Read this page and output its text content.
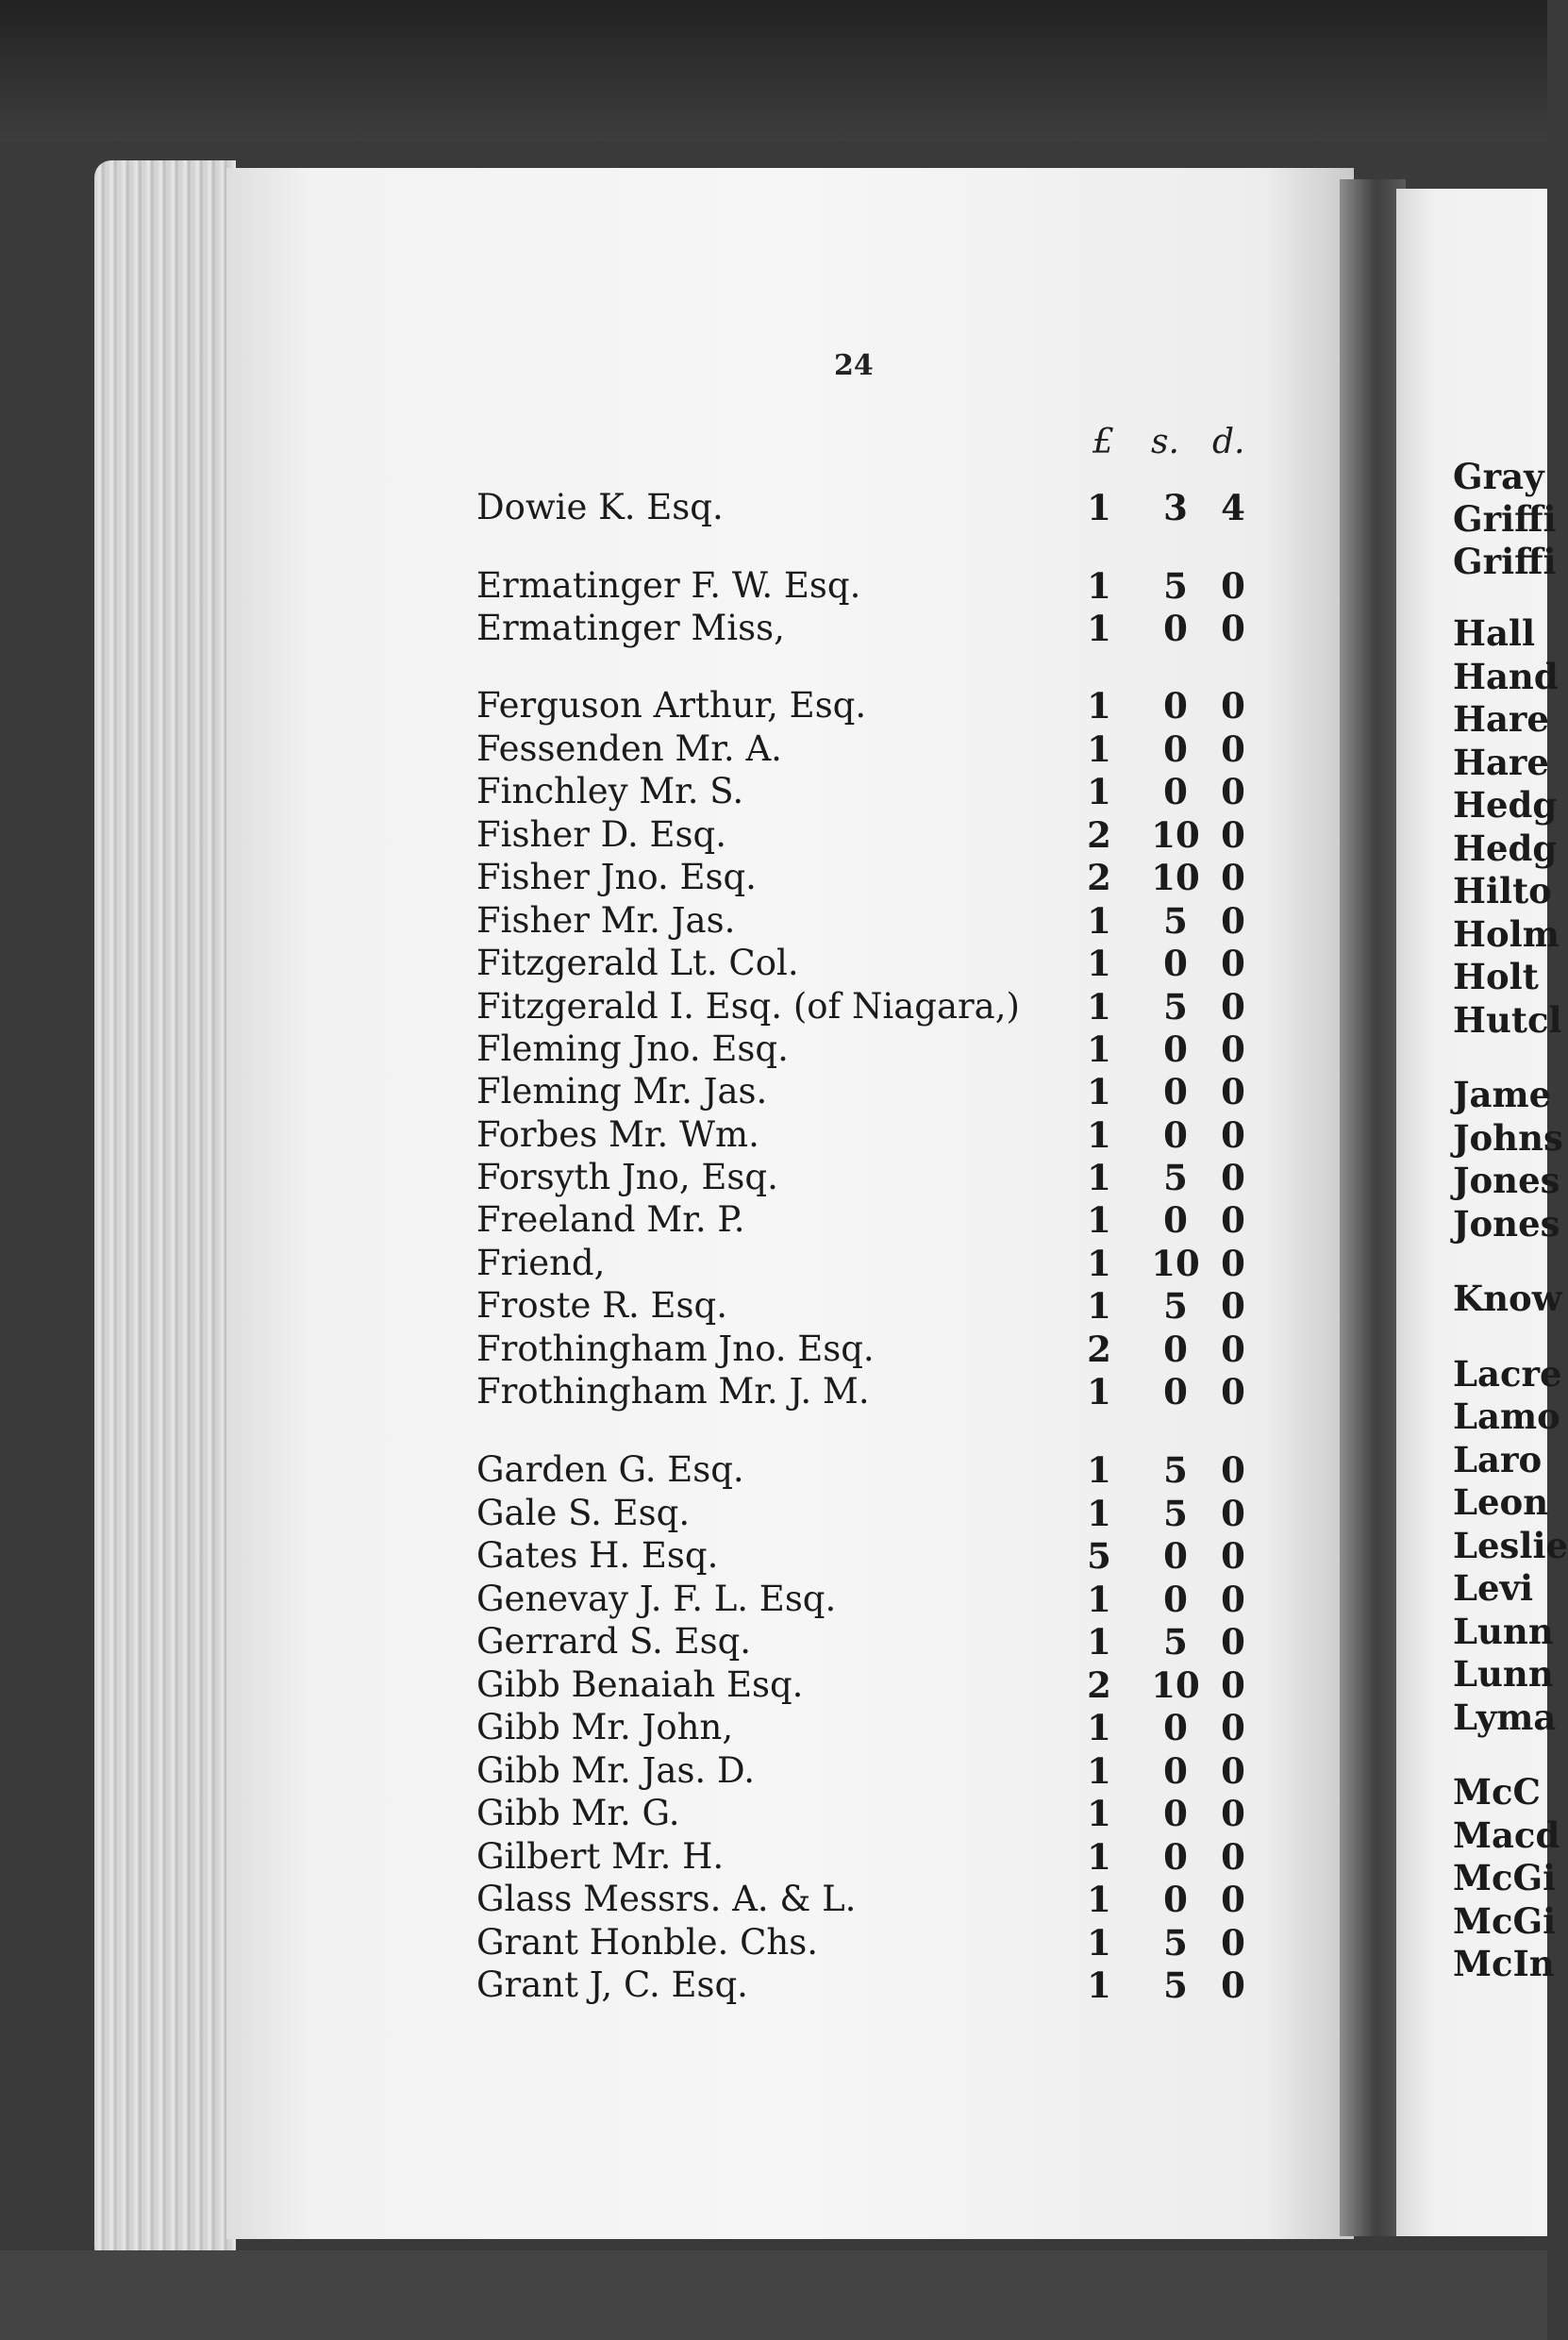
24
£ s. d.
Dowie K. Esq.	1	3 4
Ermatinger F. W. Esq.	1	5 0
Ermatinger Miss,	1	0 0
Ferguson Arthur, Esq.	1	0 0
Fessenden Mr. A.	1	0 0
Finchley Mr. S.	1	0 0
Fisher D. Esq.	2 10 0
Fisher Jno. Esq.	2 10 0
Fisher Mr. Jas.	1	5 0
Fitzgerald Lt. Col.	1	0 0
Fitzgerald I. Esq. (of Niagara,) 1	5 0
Fleming Jno. Esq.	1	0 0
Fleming Mr. Jas.	1	0 0
Forbes Mr. Wm.	1	0 0
Forsyth Jno, Esq.	1	5 0
Freeland Mr. P.	1	0 0
Friend,	1 10 0
Froste R. Esq.	1	5 0
Frothingham Jno. Esq.	2	0 0
Frothingham Mr. J. M.	1	0 0
Garden G. Esq.	1	5 0
Gale S. Esq.	1	5 0
Gates H. Esq.	5	0 0
Genevay J. F. L. Esq.	1	0 0
Gerrard S. Esq.	1	5 0
Gibb Benaiah Esq.	2 10 0
Gibb Mr. John,	1	0 0
Gibb Mr. Jas. D.	1	0 0
Gibb Mr. G.	1	0 0
Gilbert Mr. H.	1	0 0
Glass Messrs. A. & L.	1	0 0
Grant Honble. Chs.	1	5 0
Grant J, C. Esq.	1	5 0
Gray
Griffi
Griffi
Hall
Hand
Hare
Hare
Hedg
Hedg
Hilto
Holm
Holt
Hutcl
Jame
Johns
Jones
Jones
Know
Lacre
Lamo
Laro
Leon
Leslie
Levi
Lunn
Lunn
Lyma
McC
Macd
McGi
McGi
McIn
